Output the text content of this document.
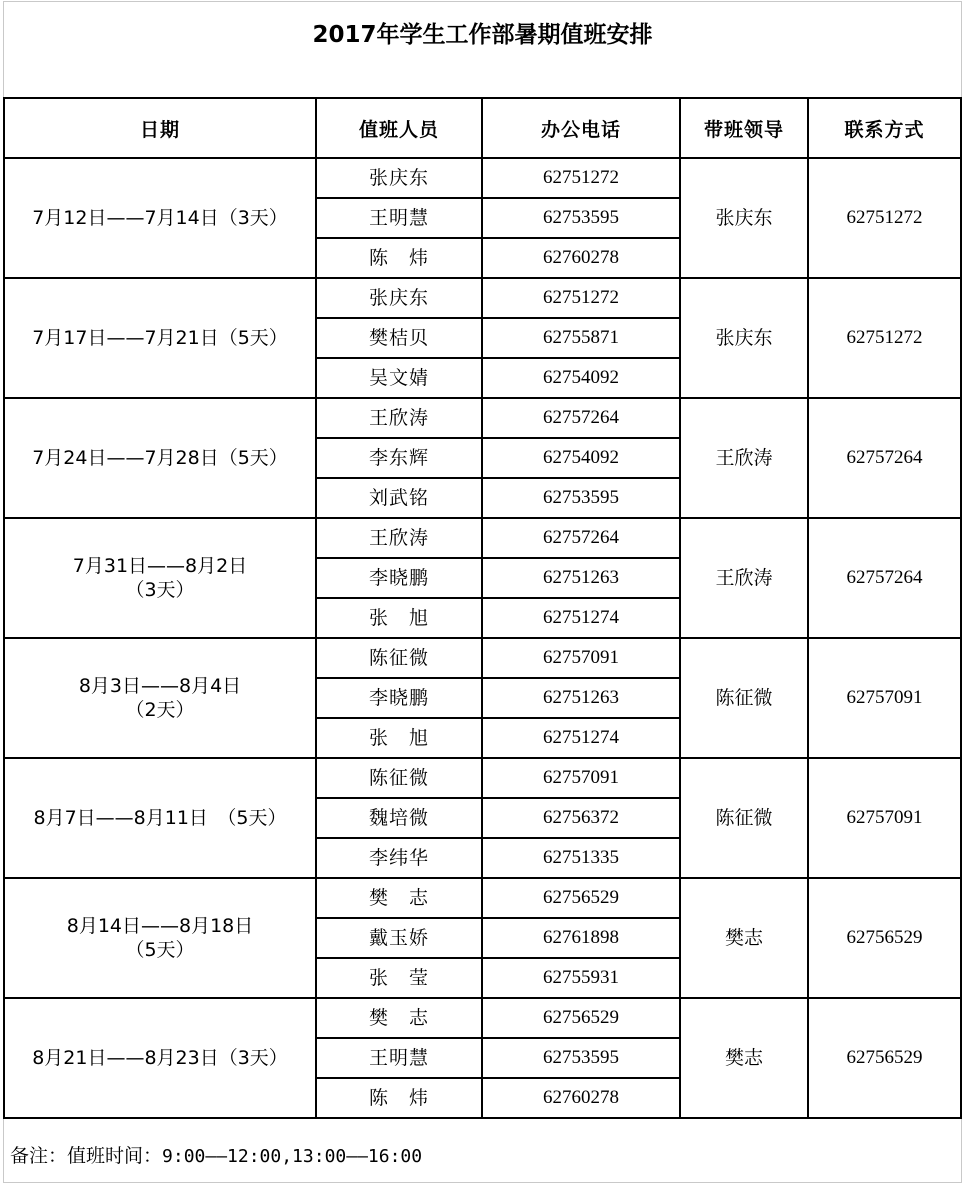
2017年学生工作部暑期值班安排
日期	值班人员	办公电话	带班领导	联系方式

7月12日——7月14日（3天）	张庆东	62751272	张庆东	62751272
	王明慧	62753595		
	陈　炜	62760278		

7月17日——7月21日（5天）	张庆东	62751272	张庆东	62751272
	樊桔贝	62755871		
	吴文婧	62754092		

7月24日——7月28日（5天）	王欣涛	62757264	王欣涛	62757264
	李东辉	62754092		
	刘武铭	62753595		

7月31日——8月2日
（3天）	王欣涛	62757264	王欣涛	62757264
	李晓鹏	62751263		
	张　旭	62751274		

8月3日——8月4日
（2天）	陈征微	62757091	陈征微	62757091
	李晓鹏	62751263		
	张　旭	62751274		

8月7日——8月11日　（5天）	陈征微	62757091	陈征微	62757091
	魏培微	62756372		
	李纬华	62751335		

8月14日——8月18日
（5天）	樊　志	62756529	樊志	62756529
	戴玉娇	62761898		
	张　莹	62755931		

8月21日——8月23日（3天）	樊　志	62756529	樊志	62756529
	王明慧	62753595		
	陈　炜	62760278		
备注：值班时间：9:00——12:00,13:00——16:00
